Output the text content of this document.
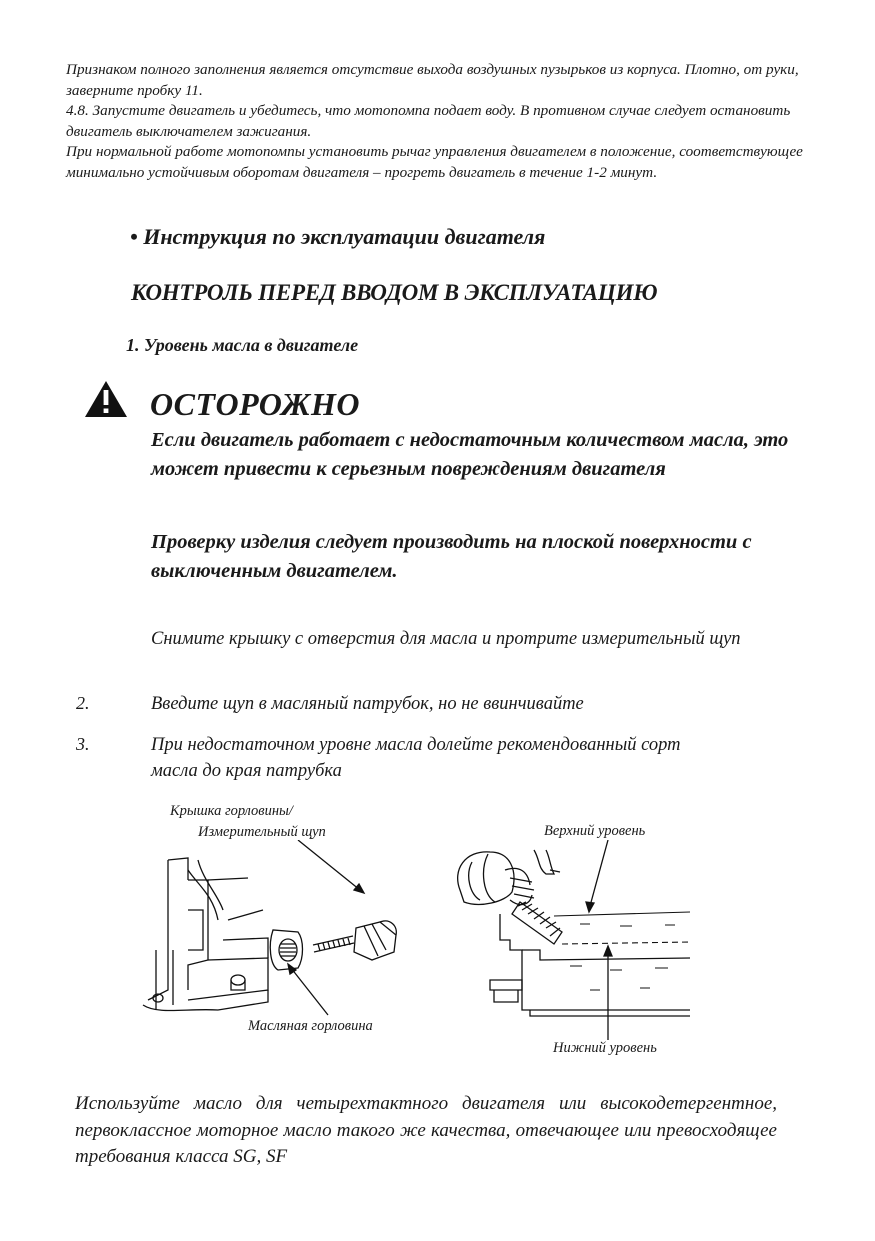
Признаком полного заполнения является отсутствие выхода воздушных пузырьков из корпуса. Плотно, от руки, заверните пробку 11.

4.8. Запустите двигатель и убедитесь, что мотопомпа подает воду. В противном случае следует остановить двигатель выключателем зажигания.

При нормальной работе мотопомпы установить рычаг управления двигателем в положение, соответствующее минимально устойчивым оборотам двигателя – прогреть двигатель в течение 1-2 минут.

• Инструкция по эксплуатации двигателя
КОНТРОЛЬ ПЕРЕД ВВОДОМ В ЭКСПЛУАТАЦИЮ
1. Уровень масла в двигателе
ОСТОРОЖНО
Если двигатель работает с недостаточным количеством масла, это может привести к серьезным повреждениям двигателя
Проверку изделия следует производить на плоской поверхности с выключенным двигателем.
Снимите крышку с отверстия для масла и протрите измерительный щуп
2.	Введите щуп в масляный патрубок, но не ввинчивайте
3.	При недостаточном уровне масла долейте рекомендованный сорт масла до края патрубка
Крышка горловины/
Измерительный щуп
Масляная горловина
Верхний уровень
Нижний уровень

Используйте масло для четырехтактного двигателя или высокодетергентное, первоклассное моторное масло такого же качества, отвечающее или превосходящее требования класса SG, SF
